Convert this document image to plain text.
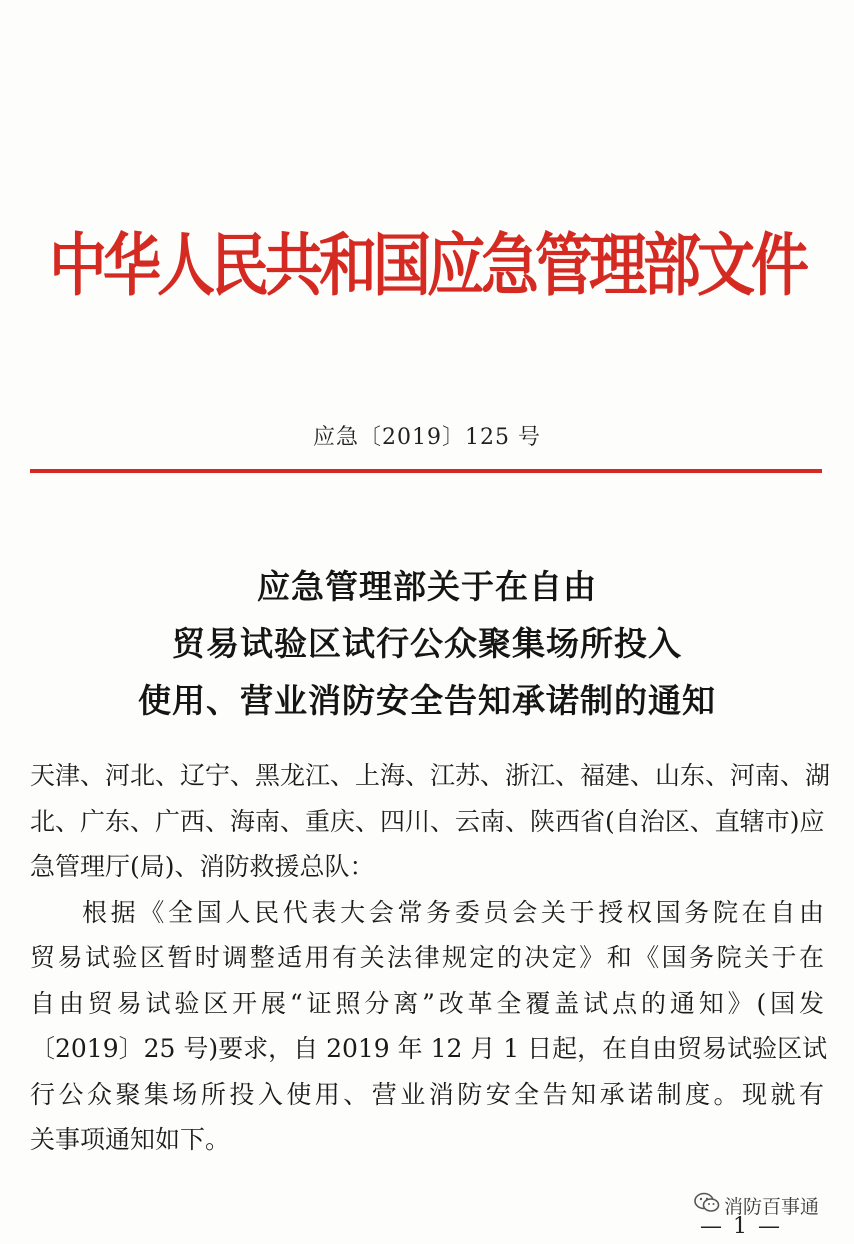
中华人民共和国应急管理部文件
应急〔2019〕125 号
应急管理部关于在自由
贸易试验区试行公众聚集场所投入
使用、营业消防安全告知承诺制的通知
天津、河北、辽宁、黑龙江、上海、江苏、浙江、福建、山东、河南、湖
北、广东、广西、海南、重庆、四川、云南、陕西省(自治区、直辖市)应
急管理厅(局)、消防救援总队：
根据《全国人民代表大会常务委员会关于授权国务院在自由
贸易试验区暂时调整适用有关法律规定的决定》和《国务院关于在
自由贸易试验区开展“证照分离”改革全覆盖试点的通知》(国发
〔2019〕25 号)要求，自 2019 年 12 月 1 日起，在自由贸易试验区试
行公众聚集场所投入使用、营业消防安全告知承诺制度。现就有
关事项通知如下。
消防百事通
— 1 —
